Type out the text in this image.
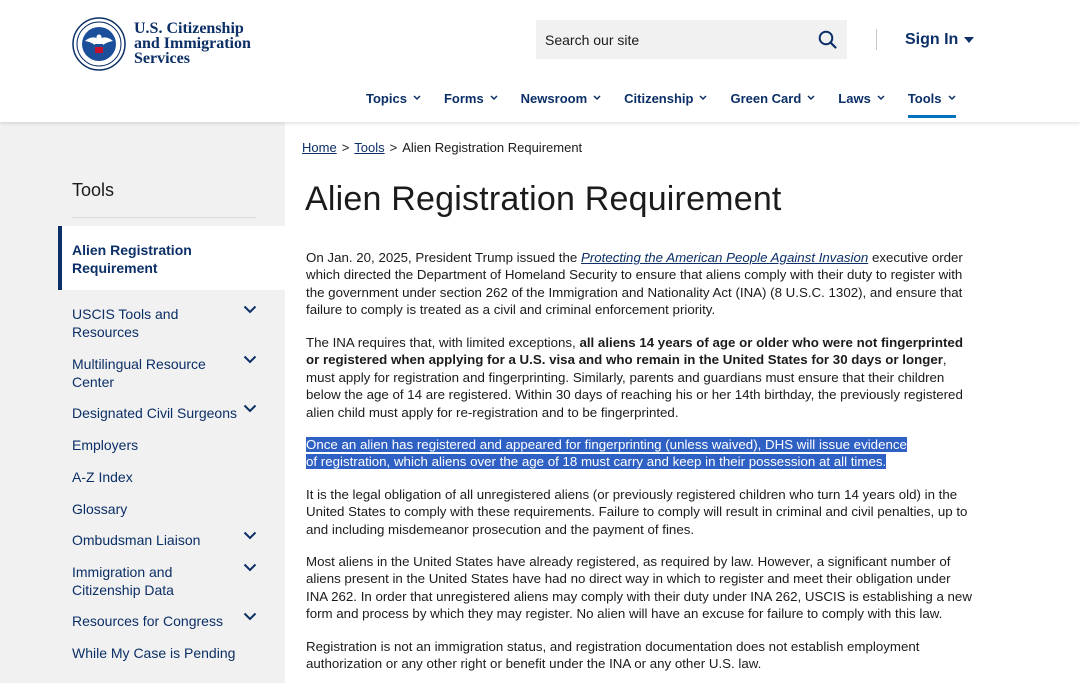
U.S. Citizenship
and Immigration
Services
Search our site
Sign In
Topics	Forms	Newsroom	Citizenship	Green Card	Laws	Tools
Tools
Alien Registration Requirement
USCIS Tools and Resources
Multilingual Resource Center
Designated Civil Surgeons
Employers
A-Z Index
Glossary
Ombudsman Liaison
Immigration and Citizenship Data
Resources for Congress
While My Case is Pending
Home > Tools > Alien Registration Requirement
Alien Registration Requirement

On Jan. 20, 2025, President Trump issued the Protecting the American People Against Invasion executive order which directed the Department of Homeland Security to ensure that aliens comply with their duty to register with the government under section 262 of the Immigration and Nationality Act (INA) (8 U.S.C. 1302), and ensure that failure to comply is treated as a civil and criminal enforcement priority.

The INA requires that, with limited exceptions, all aliens 14 years of age or older who were not fingerprinted or registered when applying for a U.S. visa and who remain in the United States for 30 days or longer, must apply for registration and fingerprinting. Similarly, parents and guardians must ensure that their children below the age of 14 are registered. Within 30 days of reaching his or her 14th birthday, the previously registered alien child must apply for re-registration and to be fingerprinted.

Once an alien has registered and appeared for fingerprinting (unless waived), DHS will issue evidence of registration, which aliens over the age of 18 must carry and keep in their possession at all times.

It is the legal obligation of all unregistered aliens (or previously registered children who turn 14 years old) in the United States to comply with these requirements. Failure to comply will result in criminal and civil penalties, up to and including misdemeanor prosecution and the payment of fines.

Most aliens in the United States have already registered, as required by law. However, a significant number of aliens present in the United States have had no direct way in which to register and meet their obligation under INA 262. In order that unregistered aliens may comply with their duty under INA 262, USCIS is establishing a new form and process by which they may register. No alien will have an excuse for failure to comply with this law.

Registration is not an immigration status, and registration documentation does not establish employment authorization or any other right or benefit under the INA or any other U.S. law.
